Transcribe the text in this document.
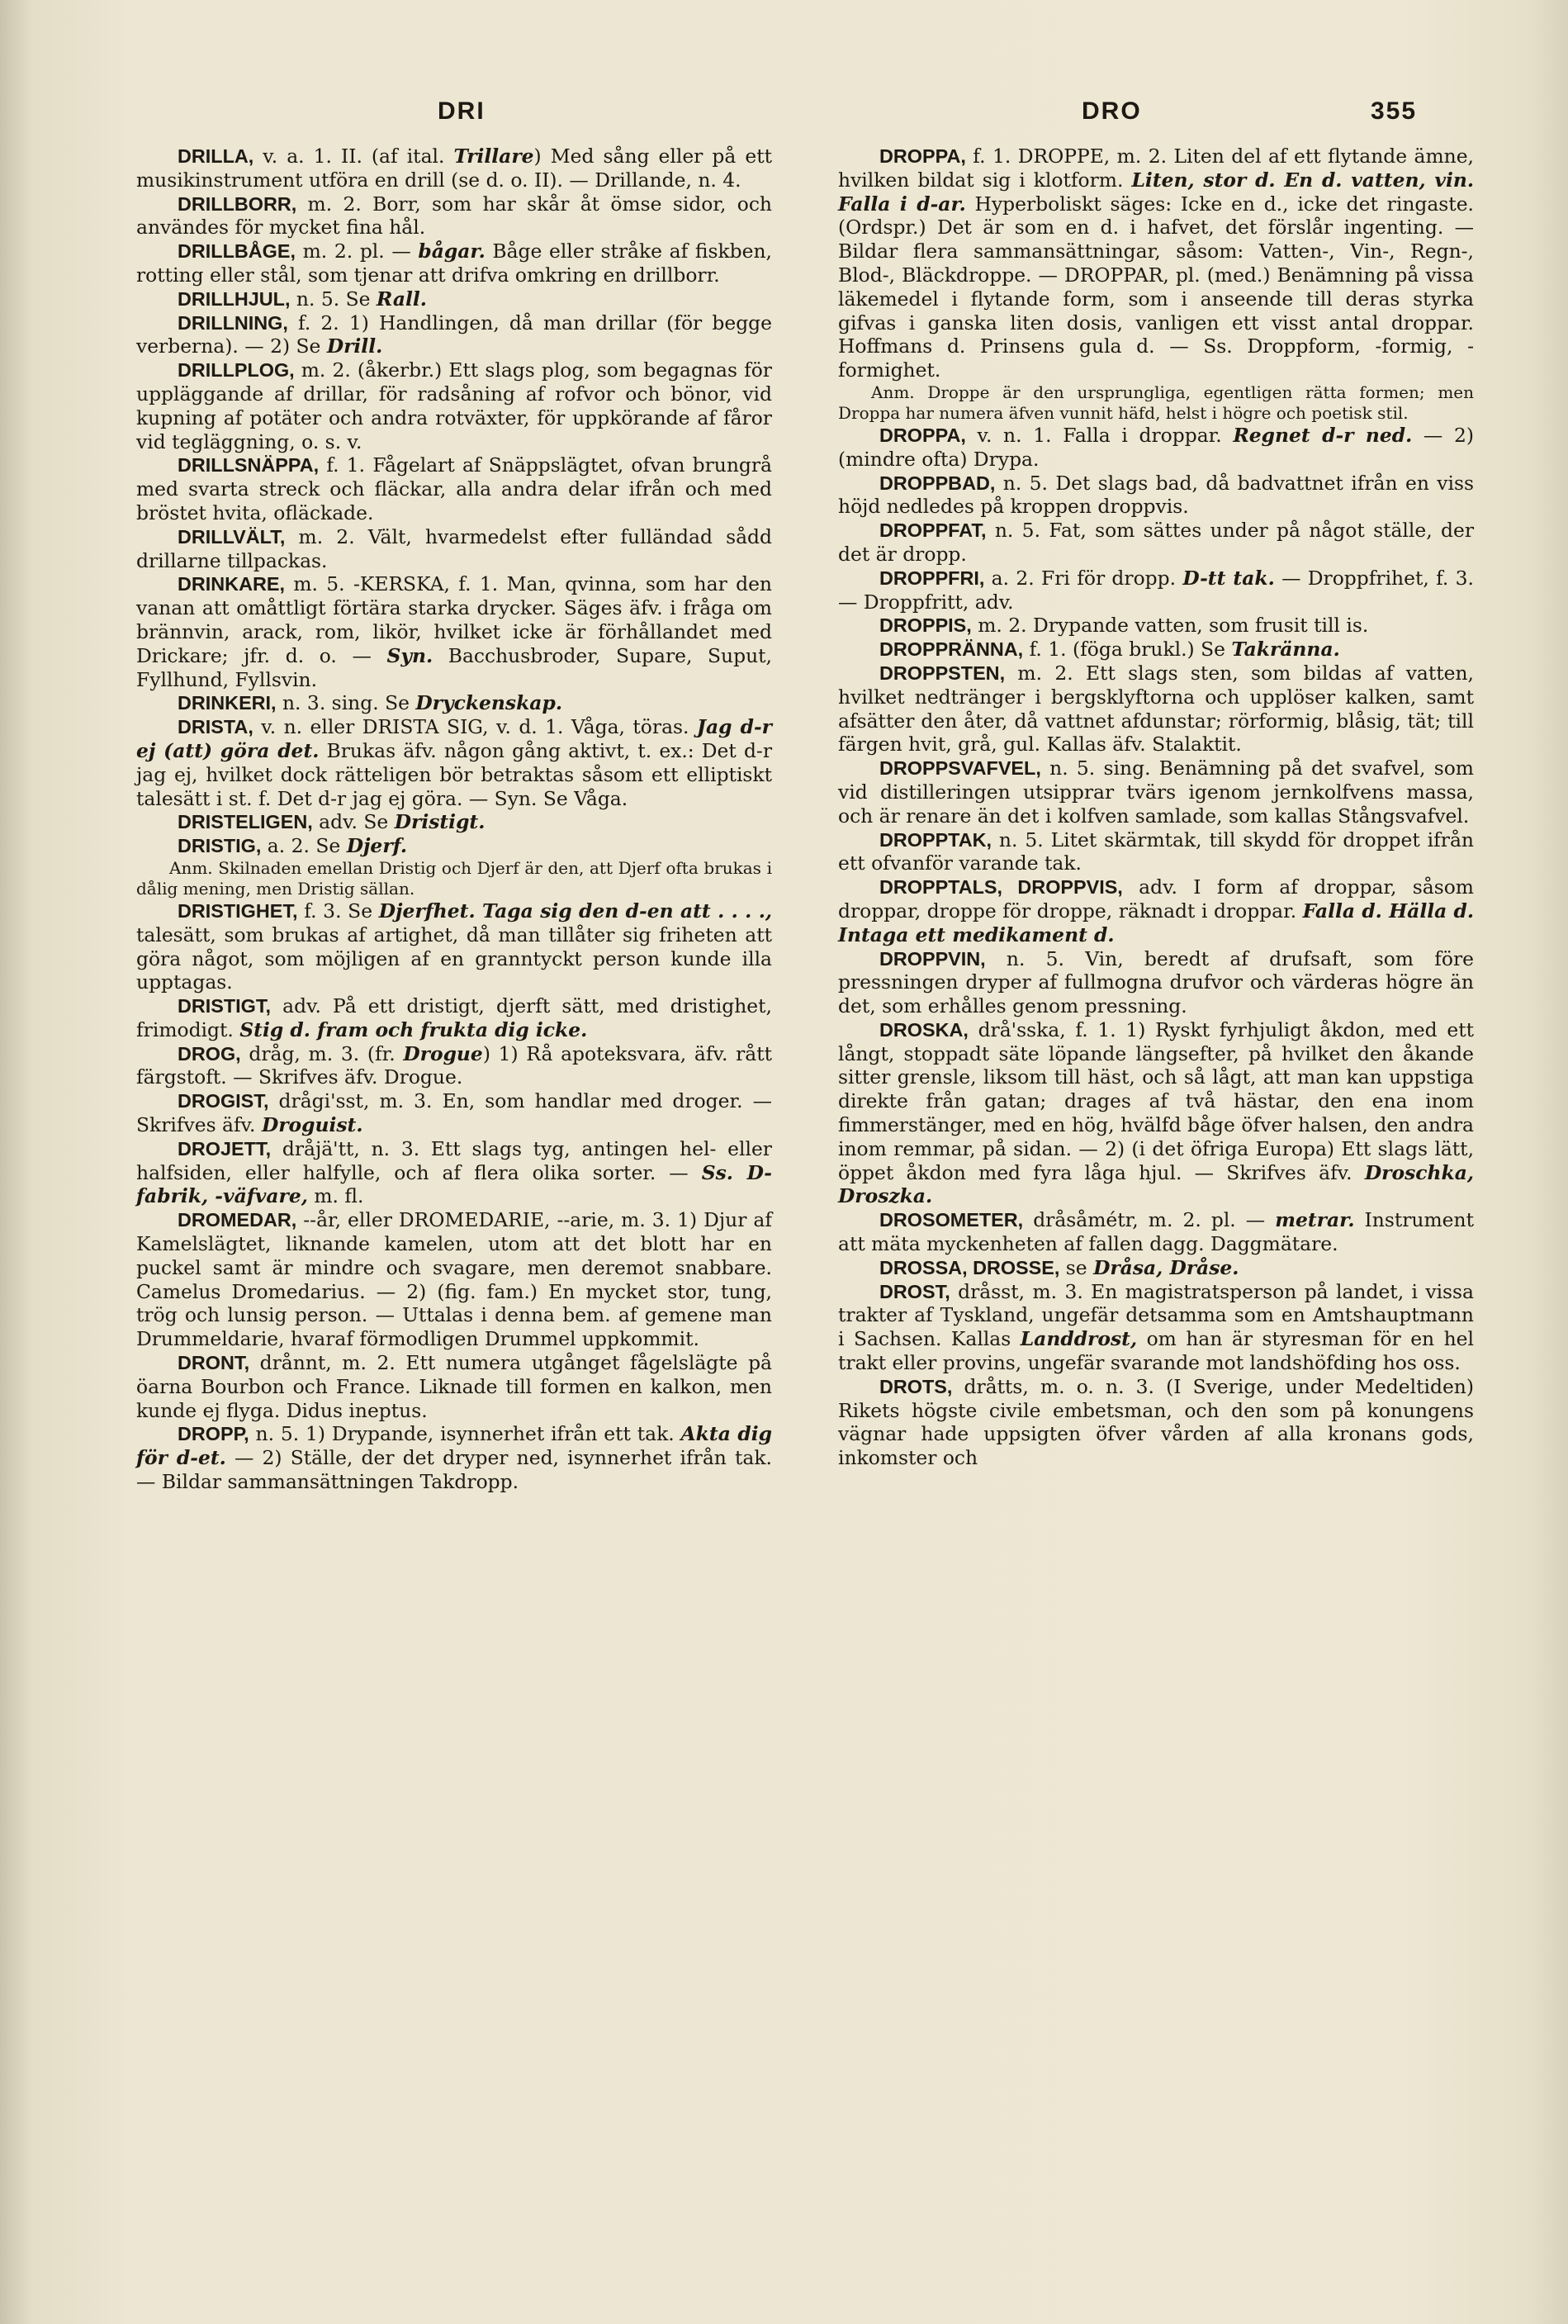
DRI	DRO	355

DRILLA, v. a. 1. II. (af ital. Trillare) Med sång eller på ett musikinstrument utföra en drill (se d. o. II). — Drillande, n. 4.

DRILLBORR, m. 2. Borr, som har skår åt ömse sidor, och användes för mycket fina hål.

DRILLBÅGE, m. 2. pl. — bågar. Båge eller stråke af fiskben, rotting eller stål, som tjenar att drifva omkring en drillborr.

DRILLHJUL, n. 5. Se Rall.

DRILLNING, f. 2. 1) Handlingen, då man drillar (för begge verberna). — 2) Se Drill.

DRILLPLOG, m. 2. (åkerbr.) Ett slags plog, som begagnas för uppläggande af drillar, för radsåning af rofvor och bönor, vid kupning af potäter och andra rotväxter, för uppkörande af fåror vid tegläggning, o. s. v.

DRILLSNÄPPA, f. 1. Fågelart af Snäppslägtet, ofvan brungrå med svarta streck och fläckar, alla andra delar ifrån och med bröstet hvita, ofläckade.

DRILLVÄLT, m. 2. Vält, hvarmedelst efter fulländad sådd drillarne tillpackas.

DRINKARE, m. 5. -KERSKA, f. 1. Man, qvinna, som har den vanan att omåttligt förtära starka drycker. Säges äfv. i fråga om brännvin, arack, rom, likör, hvilket icke är förhållandet med Drickare; jfr. d. o. — Syn. Bacchusbroder, Supare, Suput, Fyllhund, Fyllsvin.

DRINKERI, n. 3. sing. Se Dryckenskap.

DRISTA, v. n. eller DRISTA SIG, v. d. 1. Våga, töras. Jag d-r ej (att) göra det. Brukas äfv. någon gång aktivt, t. ex.: Det d-r jag ej, hvilket dock rätteligen bör betraktas såsom ett elliptiskt talesätt i st. f. Det d-r jag ej göra. — Syn. Se Våga.

DRISTELIGEN, adv. Se Dristigt.

DRISTIG, a. 2. Se Djerf.

Anm. Skilnaden emellan Dristig och Djerf är den, att Djerf ofta brukas i dålig mening, men Dristig sällan.

DRISTIGHET, f. 3. Se Djerfhet. Taga sig den d-en att . . . ., talesätt, som brukas af artighet, då man tillåter sig friheten att göra något, som möjligen af en granntyckt person kunde illa upptagas.

DRISTIGT, adv. På ett dristigt, djerft sätt, med dristighet, frimodigt. Stig d. fram och frukta dig icke.

DROG, dråg, m. 3. (fr. Drogue) 1) Rå apoteksvara, äfv. rått färgstoft. — Skrifves äfv. Drogue.

DROGIST, drågi'sst, m. 3. En, som handlar med droger. — Skrifves äfv. Droguist.

DROJETT, dråjä'tt, n. 3. Ett slags tyg, antingen hel- eller halfsiden, eller halfylle, och af flera olika sorter. — Ss. D-fabrik, -väfvare, m. fl.

DROMEDAR, --år, eller DROMEDARIE, --arie, m. 3. 1) Djur af Kamelslägtet, liknande kamelen, utom att det blott har en puckel samt är mindre och svagare, men deremot snabbare. Camelus Dromedarius. — 2) (fig. fam.) En mycket stor, tung, trög och lunsig person. — Uttalas i denna bem. af gemene man Drummeldarie, hvaraf förmodligen Drummel uppkommit.

DRONT, drånnt, m. 2. Ett numera utgånget fågelslägte på öarna Bourbon och France. Liknade till formen en kalkon, men kunde ej flyga. Didus ineptus.

DROPP, n. 5. 1) Drypande, isynnerhet ifrån ett tak. Akta dig för d-et. — 2) Ställe, der det dryper ned, isynnerhet ifrån tak. — Bildar sammansättningen Takdropp.

DROPPA, f. 1. DROPPE, m. 2. Liten del af ett flytande ämne, hvilken bildat sig i klotform. Liten, stor d. En d. vatten, vin. Falla i d-ar. Hyperboliskt säges: Icke en d., icke det ringaste. (Ordspr.) Det är som en d. i hafvet, det förslår ingenting. — Bildar flera sammansättningar, såsom: Vatten-, Vin-, Regn-, Blod-, Bläckdroppe. — DROPPAR, pl. (med.) Benämning på vissa läkemedel i flytande form, som i anseende till deras styrka gifvas i ganska liten dosis, vanligen ett visst antal droppar. Hoffmans d. Prinsens gula d. — Ss. Droppform, -formig, -formighet.

Anm. Droppe är den ursprungliga, egentligen rätta formen; men Droppa har numera äfven vunnit häfd, helst i högre och poetisk stil.

DROPPA, v. n. 1. Falla i droppar. Regnet d-r ned. — 2) (mindre ofta) Drypa.

DROPPBAD, n. 5. Det slags bad, då badvattnet ifrån en viss höjd nedledes på kroppen droppvis.

DROPPFAT, n. 5. Fat, som sättes under på något ställe, der det är dropp.

DROPPFRI, a. 2. Fri för dropp. D-tt tak. — Droppfrihet, f. 3. — Droppfritt, adv.

DROPPIS, m. 2. Drypande vatten, som frusit till is.

DROPPRÄNNA, f. 1. (föga brukl.) Se Takränna.

DROPPSTEN, m. 2. Ett slags sten, som bildas af vatten, hvilket nedtränger i bergsklyftorna och upplöser kalken, samt afsätter den åter, då vattnet afdunstar; rörformig, blåsig, tät; till färgen hvit, grå, gul. Kallas äfv. Stalaktit.

DROPPSVAFVEL, n. 5. sing. Benämning på det svafvel, som vid distilleringen utsipprar tvärs igenom jernkolfvens massa, och är renare än det i kolfven samlade, som kallas Stångsvafvel.

DROPPTAK, n. 5. Litet skärmtak, till skydd för droppet ifrån ett ofvanför varande tak.

DROPPTALS, DROPPVIS, adv. I form af droppar, såsom droppar, droppe för droppe, räknadt i droppar. Falla d. Hälla d. Intaga ett medikament d.

DROPPVIN, n. 5. Vin, beredt af drufsaft, som före pressningen dryper af fullmogna drufvor och värderas högre än det, som erhålles genom pressning.

DROSKA, drå'sska, f. 1. 1) Ryskt fyrhjuligt åkdon, med ett långt, stoppadt säte löpande längsefter, på hvilket den åkande sitter grensle, liksom till häst, och så lågt, att man kan uppstiga direkte från gatan; drages af två hästar, den ena inom fimmerstänger, med en hög, hvälfd båge öfver halsen, den andra inom remmar, på sidan. — 2) (i det öfriga Europa) Ett slags lätt, öppet åkdon med fyra låga hjul. — Skrifves äfv. Droschka, Droszka.

DROSOMETER, dråsåmétr, m. 2. pl. — metrar. Instrument att mäta myckenheten af fallen dagg. Daggmätare.

DROSSA, DROSSE, se Dråsa, Dråse.

DROST, dråsst, m. 3. En magistratsperson på landet, i vissa trakter af Tyskland, ungefär detsamma som en Amtshauptmann i Sachsen. Kallas Landdrost, om han är styresman för en hel trakt eller provins, ungefär svarande mot landshöfding hos oss.

DROTS, dråtts, m. o. n. 3. (I Sverige, under Medeltiden) Rikets högste civile embetsman, och den som på konungens vägnar hade uppsigten öfver vården af alla kronans gods, inkomster och
